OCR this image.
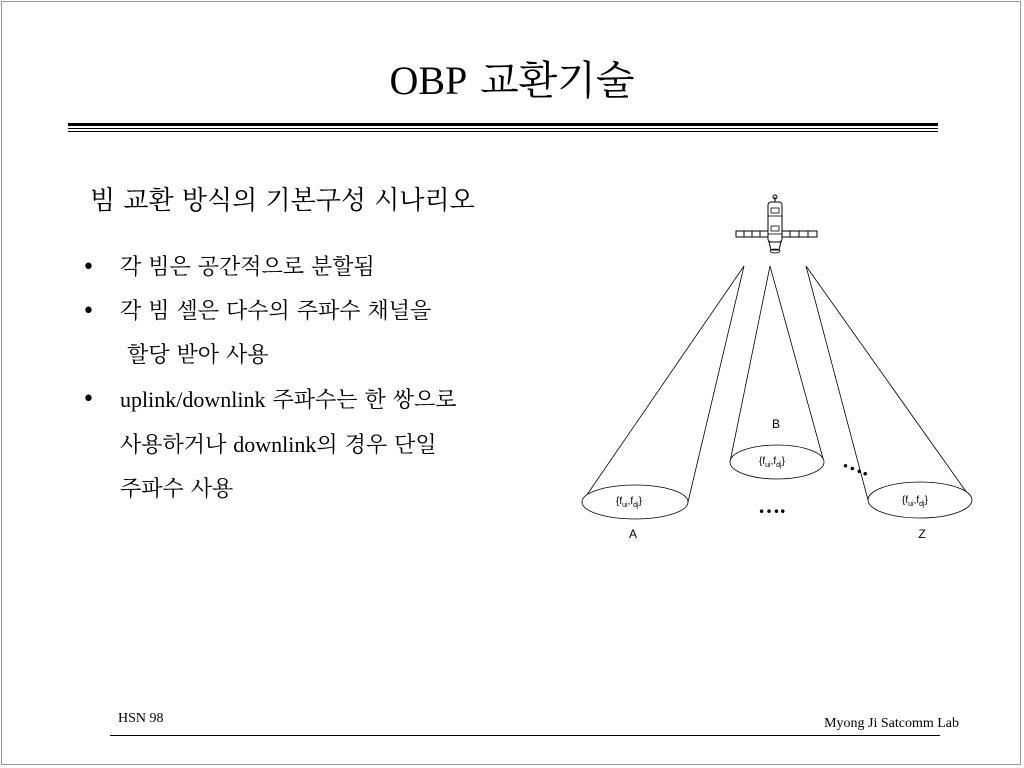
OBP 교환기술
빔 교환 방식의 기본구성 시나리오
• 각 빔은 공간적으로 분할됨
• 각 빔 셀은 다수의 주파수 채널을
할당 받아 사용
• uplink/downlink 주파수는 한 쌍으로
사용하거나 downlink의 경우 단일
주파수 사용
A
B
Z
$\{f_{ui},f_{dj}\}$
$\{f_{ui},f_{dj}\}$
$\{f_{ui},f_{dj}\}$
….
….
HSN 98	Myong Ji Satcomm Lab
